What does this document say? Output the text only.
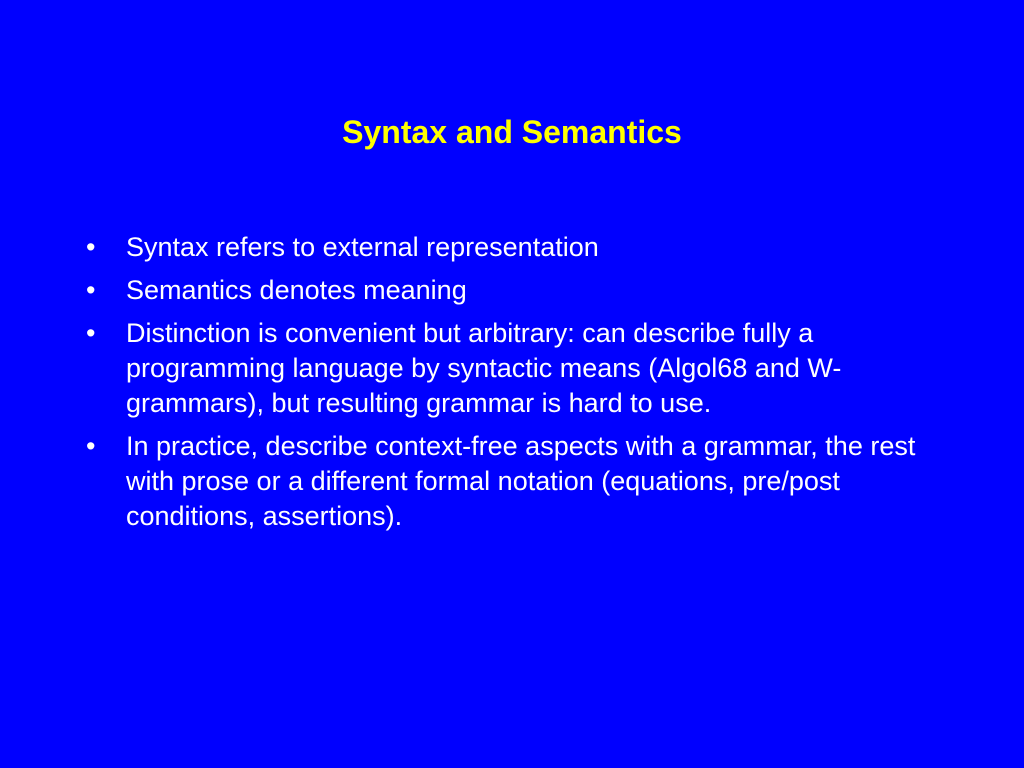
Syntax and Semantics
•	Syntax refers to external representation
•	Semantics denotes meaning
•	Distinction is convenient but arbitrary: can describe fully a programming language by syntactic means (Algol68 and W-grammars), but resulting grammar is hard to use.
•	In practice, describe context-free aspects with a grammar, the rest with prose or a different formal notation (equations, pre/post conditions, assertions).
